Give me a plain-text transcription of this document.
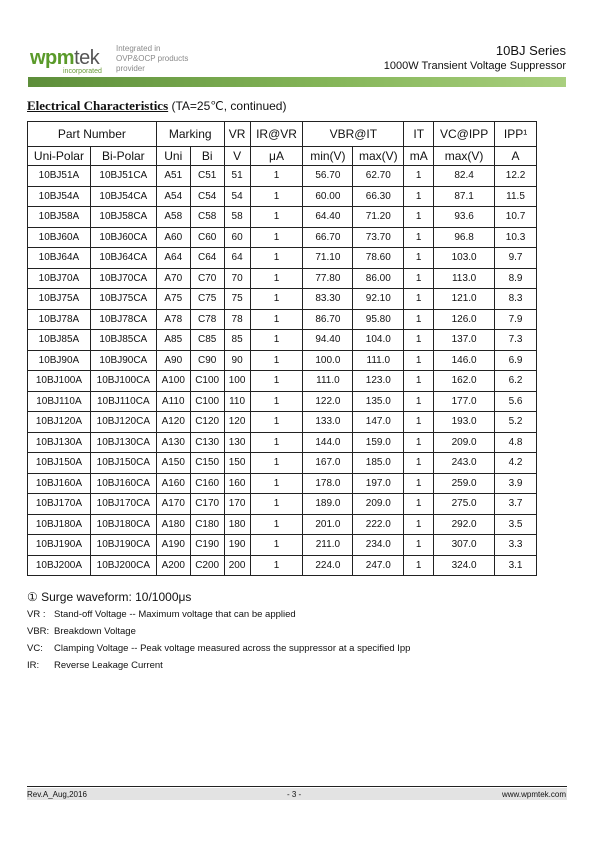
wpmtek
incorporated
Integrated in
OVP&OCP products
provider
10BJ Series
1000W Transient Voltage Suppressor
Electrical Characteristics (TA=25℃, continued)
Part Number		Marking		VR	IR@VR	VBR@IT		IT	VC@IPP	IPP¹
Uni-Polar	Bi-Polar	Uni	Bi	V	μA	min(V)	max(V)	mA	max(V)	A
10BJ51A	10BJ51CA	A51	C51	51	1	56.70	62.70	1	82.4	12.2
10BJ54A	10BJ54CA	A54	C54	54	1	60.00	66.30	1	87.1	11.5
10BJ58A	10BJ58CA	A58	C58	58	1	64.40	71.20	1	93.6	10.7
10BJ60A	10BJ60CA	A60	C60	60	1	66.70	73.70	1	96.8	10.3
10BJ64A	10BJ64CA	A64	C64	64	1	71.10	78.60	1	103.0	9.7
10BJ70A	10BJ70CA	A70	C70	70	1	77.80	86.00	1	113.0	8.9
10BJ75A	10BJ75CA	A75	C75	75	1	83.30	92.10	1	121.0	8.3
10BJ78A	10BJ78CA	A78	C78	78	1	86.70	95.80	1	126.0	7.9
10BJ85A	10BJ85CA	A85	C85	85	1	94.40	104.0	1	137.0	7.3
10BJ90A	10BJ90CA	A90	C90	90	1	100.0	111.0	1	146.0	6.9
10BJ100A	10BJ100CA	A100	C100	100	1	111.0	123.0	1	162.0	6.2
10BJ110A	10BJ110CA	A110	C100	110	1	122.0	135.0	1	177.0	5.6
10BJ120A	10BJ120CA	A120	C120	120	1	133.0	147.0	1	193.0	5.2
10BJ130A	10BJ130CA	A130	C130	130	1	144.0	159.0	1	209.0	4.8
10BJ150A	10BJ150CA	A150	C150	150	1	167.0	185.0	1	243.0	4.2
10BJ160A	10BJ160CA	A160	C160	160	1	178.0	197.0	1	259.0	3.9
10BJ170A	10BJ170CA	A170	C170	170	1	189.0	209.0	1	275.0	3.7
10BJ180A	10BJ180CA	A180	C180	180	1	201.0	222.0	1	292.0	3.5
10BJ190A	10BJ190CA	A190	C190	190	1	211.0	234.0	1	307.0	3.3
10BJ200A	10BJ200CA	A200	C200	200	1	224.0	247.0	1	324.0	3.1
① Surge waveform: 10/1000μs
VR : Stand-off Voltage -- Maximum voltage that can be applied
VBR: Breakdown Voltage
VC: Clamping Voltage -- Peak voltage measured across the suppressor at a specified Ipp
IR: Reverse Leakage Current
Rev.A_Aug,2016	- 3 -	www.wpmtek.com
